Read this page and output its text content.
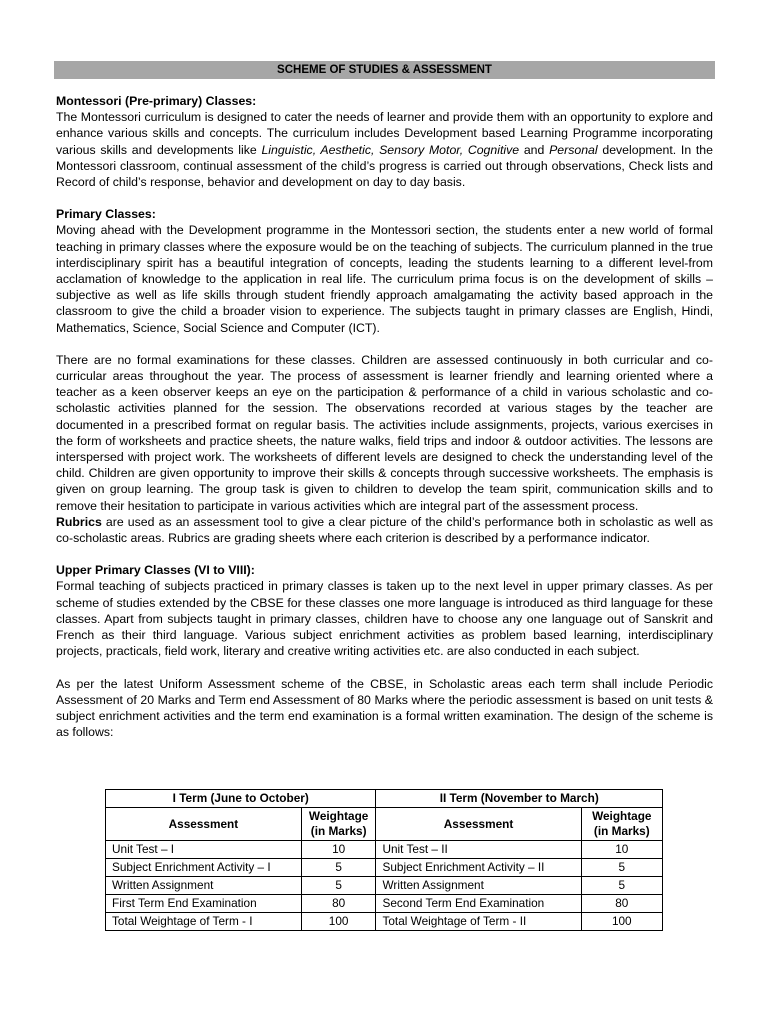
SCHEME OF STUDIES & ASSESSMENT

Montessori (Pre-primary) Classes:

The Montessori curriculum is designed to cater the needs of learner and provide them with an opportunity to explore and enhance various skills and concepts. The curriculum includes Development based Learning Programme incorporating various skills and developments like Linguistic, Aesthetic, Sensory Motor, Cognitive and Personal development. In the Montessori classroom, continual assessment of the child’s progress is carried out through observations, Check lists and Record of child’s response, behavior and development on day to day basis.

Primary Classes:

Moving ahead with the Development programme in the Montessori section, the students enter a new world of formal teaching in primary classes where the exposure would be on the teaching of subjects. The curriculum planned in the true interdisciplinary spirit has a beautiful integration of concepts, leading the students learning to a different level-from acclamation of knowledge to the application in real life. The curriculum prima focus is on the development of skills –subjective as well as life skills through student friendly approach amalgamating the activity based approach in the classroom to give the child a broader vision to experience. The subjects taught in primary classes are English, Hindi, Mathematics, Science, Social Science and Computer (ICT).

There are no formal examinations for these classes. Children are assessed continuously in both curricular and co-curricular areas throughout the year. The process of assessment is learner friendly and learning oriented where a teacher as a keen observer keeps an eye on the participation & performance of a child in various scholastic and co-scholastic activities planned for the session. The observations recorded at various stages by the teacher are documented in a prescribed format on regular basis. The activities include assignments, projects, various exercises in the form of worksheets and practice sheets, the nature walks, field trips and indoor & outdoor activities. The lessons are interspersed with project work. The worksheets of different levels are designed to check the understanding level of the child. Children are given opportunity to improve their skills & concepts through successive worksheets. The emphasis is given on group learning. The group task is given to children to develop the team spirit, communication skills and to remove their hesitation to participate in various activities which are integral part of the assessment process.

Rubrics are used as an assessment tool to give a clear picture of the child’s performance both in scholastic as well as co-scholastic areas. Rubrics are grading sheets where each criterion is described by a performance indicator.

Upper Primary Classes (VI to VIII):

Formal teaching of subjects practiced in primary classes is taken up to the next level in upper primary classes. As per scheme of studies extended by the CBSE for these classes one more language is introduced as third language for these classes. Apart from subjects taught in primary classes, children have to choose any one language out of Sanskrit and French as their third language. Various subject enrichment activities as problem based learning, interdisciplinary projects, practicals, field work, literary and creative writing activities etc. are also conducted in each subject.

As per the latest Uniform Assessment scheme of the CBSE, in Scholastic areas each term shall include Periodic Assessment of 20 Marks and Term end Assessment of 80 Marks where the periodic assessment is based on unit tests & subject enrichment activities and the term end examination is a formal written examination. The design of the scheme is as follows:

I Term (June to October)		II Term (November to March)	
Assessment	Weightage (in Marks)	Assessment	Weightage (in Marks)
Unit Test – I	10	Unit Test – II	10
Subject Enrichment Activity – I	5	Subject Enrichment Activity – II	5
Written Assignment	5	Written Assignment	5
First Term End Examination	80	Second Term End Examination	80
Total Weightage of Term - I	100	Total Weightage of Term - II	100
